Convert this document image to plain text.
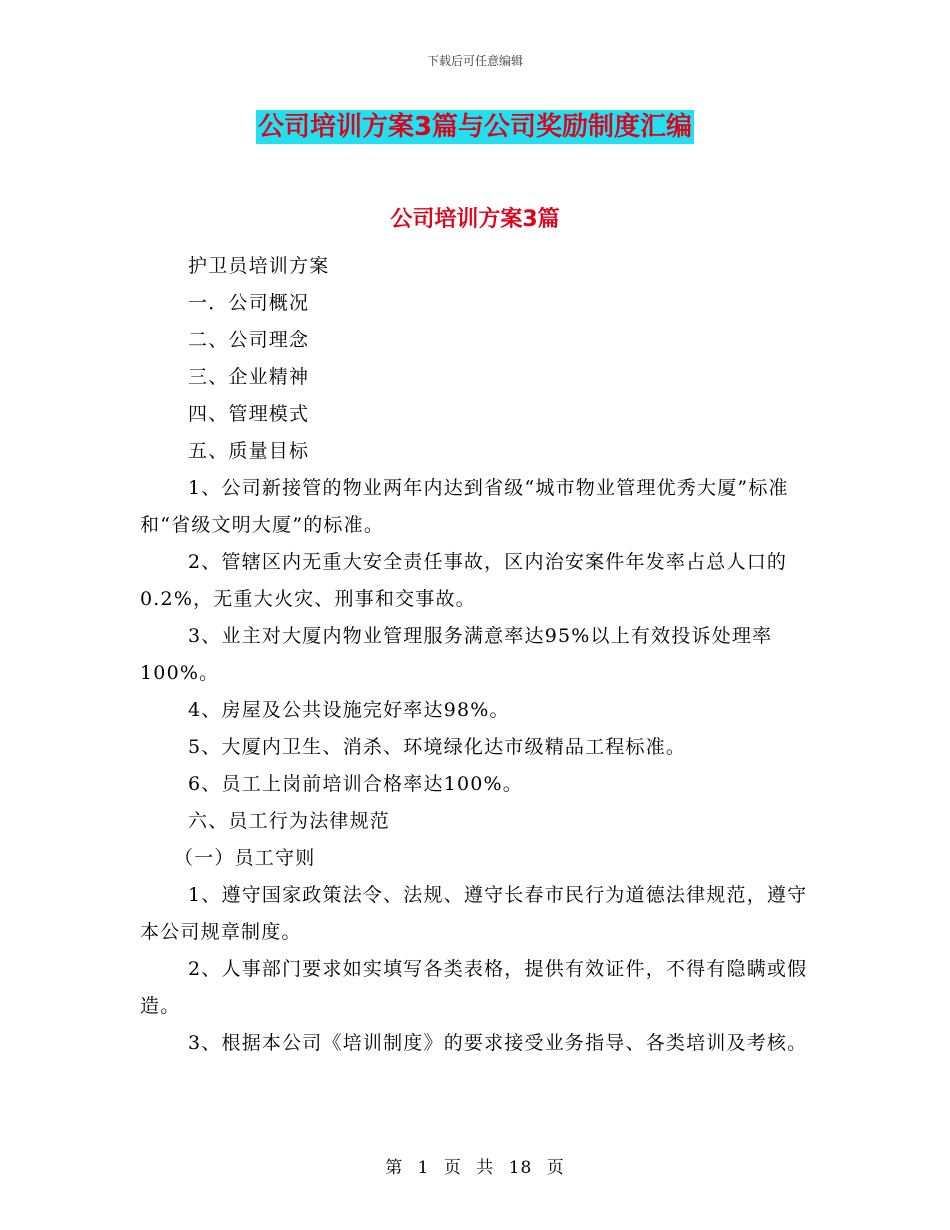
下载后可任意编辑
公司培训方案3篇与公司奖励制度汇编
公司培训方案3篇

护卫员培训方案

一．公司概况

二、公司理念

三、企业精神

四、管理模式

五、质量目标

1、公司新接管的物业两年内达到省级“城市物业管理优秀大厦”标准和“省级文明大厦”的标准。

2、管辖区内无重大安全责任事故，区内治安案件年发率占总人口的0.2%，无重大火灾、刑事和交事故。

3、业主对大厦内物业管理服务满意率达95%以上有效投诉处理率100%。

4、房屋及公共设施完好率达98%。

5、大厦内卫生、消杀、环境绿化达市级精品工程标准。

6、员工上岗前培训合格率达100%。

六、员工行为法律规范

（一）员工守则

1、遵守国家政策法令、法规、遵守长春市民行为道德法律规范，遵守本公司规章制度。

2、人事部门要求如实填写各类表格，提供有效证件，不得有隐瞒或假造。

3、根据本公司《培训制度》的要求接受业务指导、各类培训及考核。

第 1 页 共 18 页
